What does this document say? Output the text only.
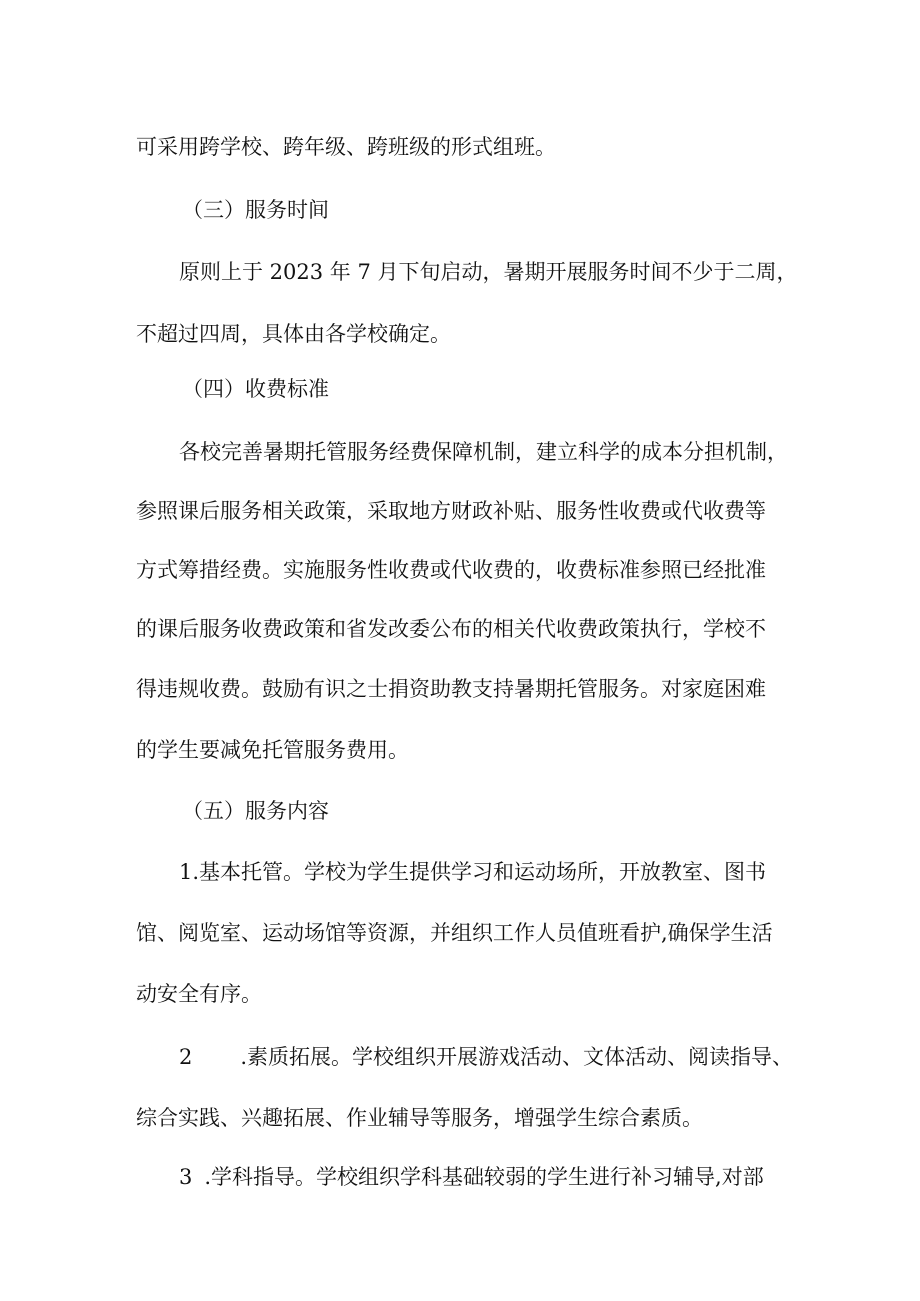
可采用跨学校、跨年级、跨班级的形式组班。
（三）服务时间
原则上于 2023 年 7 月下旬启动，暑期开展服务时间不少于二周，
不超过四周，具体由各学校确定。
（四）收费标准
各校完善暑期托管服务经费保障机制，建立科学的成本分担机制，
参照课后服务相关政策，采取地方财政补贴、服务性收费或代收费等
方式筹措经费。实施服务性收费或代收费的，收费标准参照已经批准
的课后服务收费政策和省发改委公布的相关代收费政策执行，学校不
得违规收费。鼓励有识之士捐资助教支持暑期托管服务。对家庭困难
的学生要减免托管服务费用。
（五）服务内容
1.基本托管。学校为学生提供学习和运动场所，开放教室、图书
馆、阅览室、运动场馆等资源，并组织工作人员值班看护,确保学生活
动安全有序。
2 .素质拓展。学校组织开展游戏活动、文体活动、阅读指导、
综合实践、兴趣拓展、作业辅导等服务，增强学生综合素质。
3 .学科指导。学校组织学科基础较弱的学生进行补习辅导,对部
